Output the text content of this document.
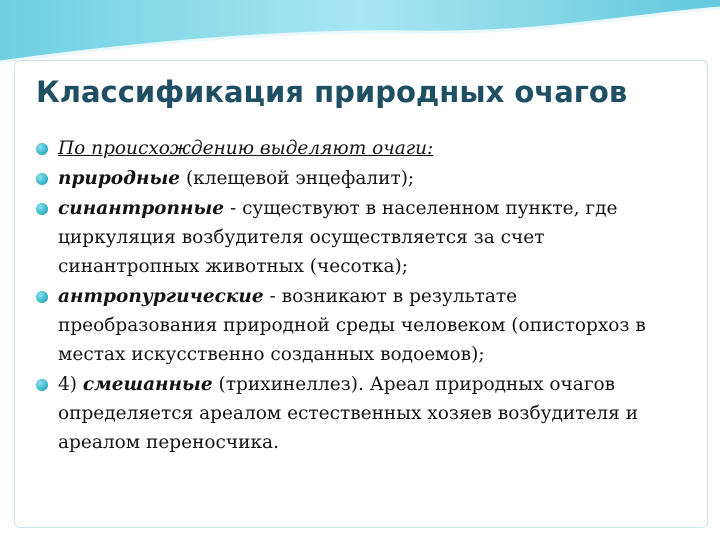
Классификация природных очагов
По происхождению выделяют очаги:
природные (клещевой энцефалит);
синантропные - существуют в населенном пункте, где циркуляция возбудителя осуществляется за счет синантропных животных (чесотка);
антропургические - возникают в результате преобразования природной среды человеком (описторхоз в местах искусственно созданных водоемов);
4) смешанные (трихинеллез). Ареал природных очагов определяется ареалом естественных хозяев возбудителя и ареалом переносчика.
